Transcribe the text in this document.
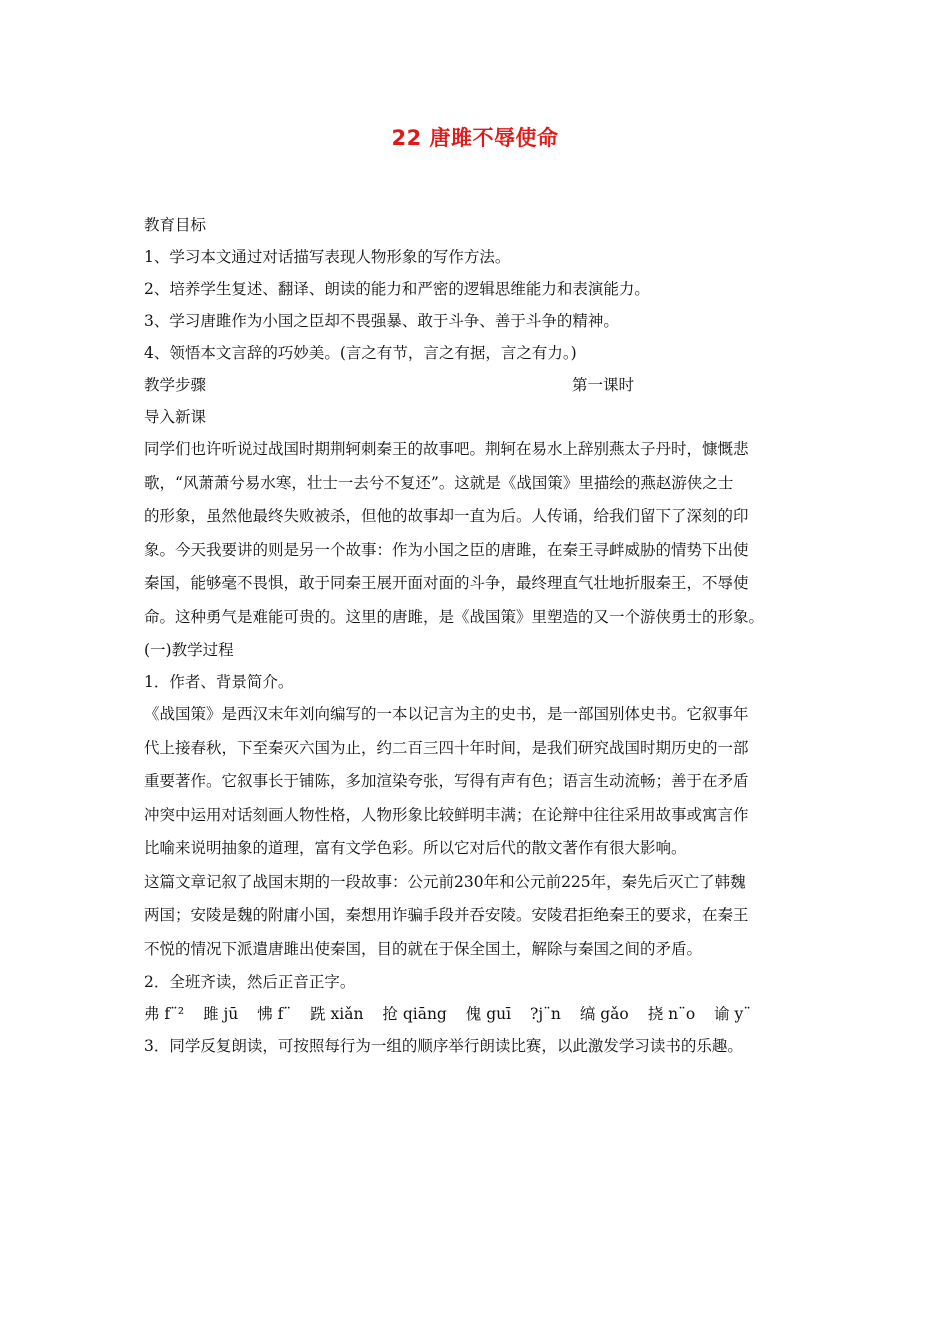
22 唐雎不辱使命
教育目标
1、学习本文通过对话描写表现人物形象的写作方法。
2、培养学生复述、翻译、朗读的能力和严密的逻辑思维能力和表演能力。
3、学习唐雎作为小国之臣却不畏强暴、敢于斗争、善于斗争的精神。
4、领悟本文言辞的巧妙美。(言之有节，言之有据，言之有力。)
教学步骤	第一课时
导入新课
同学们也许听说过战国时期荆轲刺秦王的故事吧。荆轲在易水上辞别燕太子丹时，慷慨悲
歌，“风萧萧兮易水寒，壮士一去兮不复还”。这就是《战国策》里描绘的燕赵游侠之士
的形象，虽然他最终失败被杀，但他的故事却一直为后。人传诵，给我们留下了深刻的印
象。今天我要讲的则是另一个故事：作为小国之臣的唐雎，在秦王寻衅威胁的情势下出使
秦国，能够毫不畏惧，敢于同秦王展开面对面的斗争，最终理直气壮地折服秦王，不辱使
命。这种勇气是难能可贵的。这里的唐雎，是《战国策》里塑造的又一个游侠勇士的形象。
(一)教学过程
1．作者、背景简介。
《战国策》是西汉末年刘向编写的一本以记言为主的史书，是一部国别体史书。它叙事年
代上接春秋，下至秦灭六国为止，约二百三四十年时间，是我们研究战国时期历史的一部
重要著作。它叙事长于铺陈，多加渲染夸张，写得有声有色；语言生动流畅；善于在矛盾
冲突中运用对话刻画人物性格，人物形象比较鲜明丰满；在论辩中往往采用故事或寓言作
比喻来说明抽象的道理，富有文学色彩。所以它对后代的散文著作有很大影响。
这篇文章记叙了战国末期的一段故事：公元前230年和公元前225年，秦先后灭亡了韩魏
两国；安陵是魏的附庸小国，秦想用诈骗手段并吞安陵。安陵君拒绝秦王的要求，在秦王
不悦的情况下派遣唐雎出使秦国，目的就在于保全国土，解除与秦国之间的矛盾。
2．全班齐读，然后正音正字。
弗 f¨² 雎 jū 怫 f¨ 跣 xiǎn 抢 qiāng 傀 guī ?j¨n 缟 gǎo 挠 n¨o 谕 y¨
3．同学反复朗读，可按照每行为一组的顺序举行朗读比赛，以此激发学习读书的乐趣。
